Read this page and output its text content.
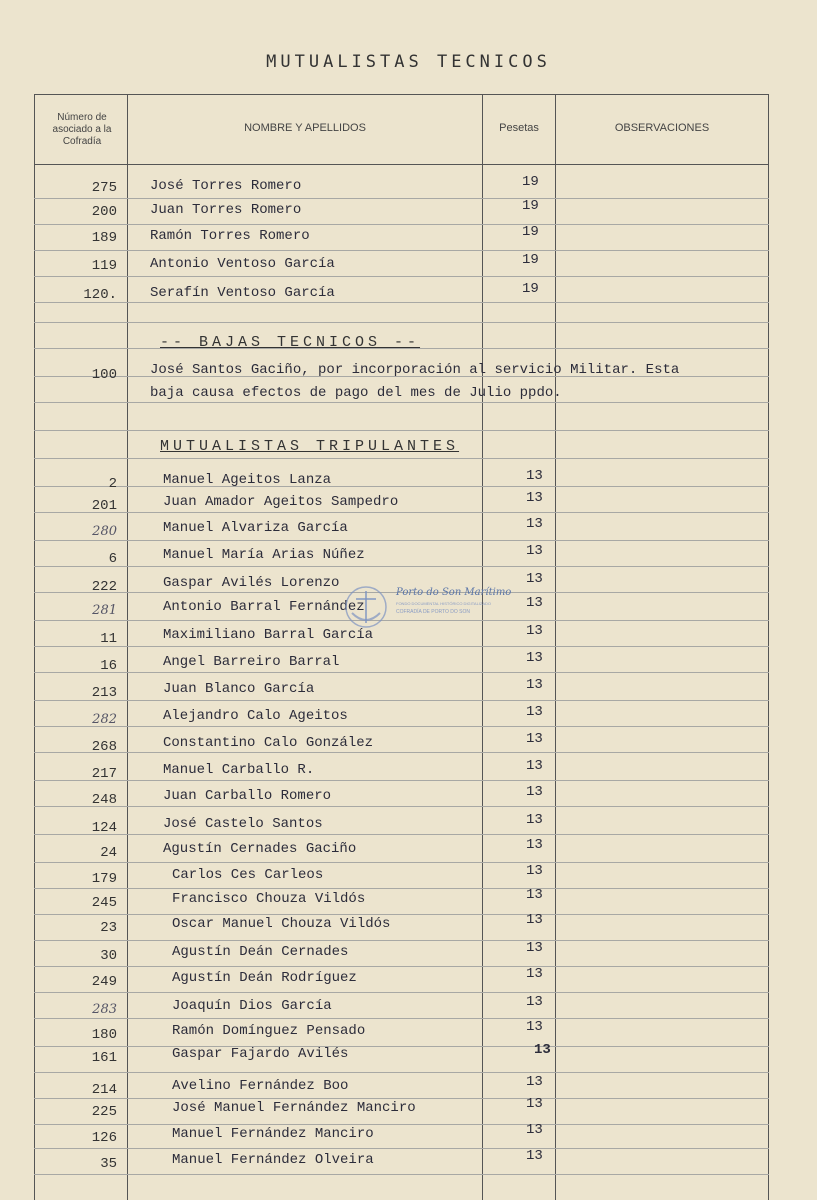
MUTUALISTAS TECNICOS
Número de asociado a la Cofradía
NOMBRE Y APELLIDOS	Pesetas	OBSERVACIONES
275 José Torres Romero	19
200 Juan Torres Romero	19
189 Ramón Torres Romero	19
119 Antonio Ventoso García	19
120. Serafín Ventoso García	19
-- BAJAS TECNICOS --
100 José Santos Gaciño, por incorporación al servicio Militar. Esta
baja causa efectos de pago del mes de Julio ppdo.
MUTUALISTAS TRIPULANTES
2	Manuel Ageitos Lanza	13
201	Juan Amador Ageitos Sampedro	13
280	Manuel Alvariza García	13
6	Manuel María Arias Núñez	13
222	Gaspar Avilés Lorenzo	13
281	Antonio Barral Fernández	13
11	Maximiliano Barral García	13
16	Angel Barreiro Barral	13
213	Juan Blanco García	13
282	Alejandro Calo Ageitos	13
268	Constantino Calo González	13
217	Manuel Carballo R.	13
248	Juan Carballo Romero	13
124	José Castelo Santos	13
24	Agustín Cernades Gaciño	13
179	Carlos Ces Carleos	13
245	Francisco Chouza Vildós	13
23	Oscar Manuel Chouza Vildós	13
30	Agustín Deán Cernades	13
249	Agustín Deán Rodríguez	13
283	Joaquín Dios García	13
180	Ramón Domínguez Pensado	13
161	Gaspar Fajardo Avilés	13
214	Avelino Fernández Boo	13
225	José Manuel Fernández Manciro	13
126	Manuel Fernández Manciro	13
35	Manuel Fernández Olveira	13
Porto do Son Marítimo
FONDO DOCUMENTAL HISTÓRICO DIGITALIZADO
COFRADÍA DE PORTO DO SON
